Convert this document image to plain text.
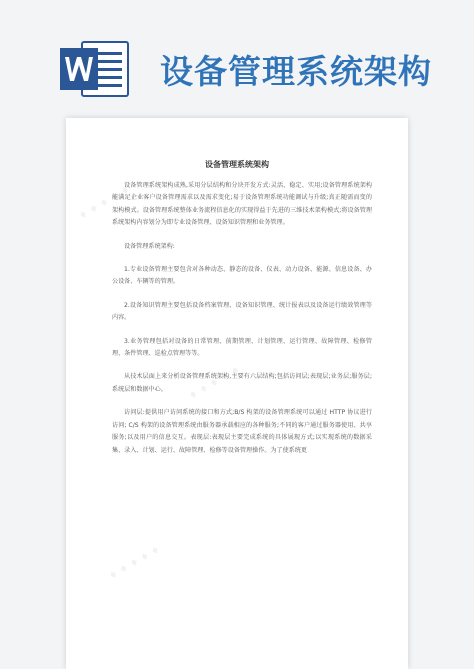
设备管理系统架构
♦ ♦ ♦ ♦ ♦
♦ ♦ ♦ ♦ ♦
♦ ♦ ♦ ♦ ♦
设备管理系统架构

设备管理系统架构成熟,采用分层结构和分块开发方式:灵活、稳定、实用;设备管理系统架构能满足企业客户设备管理需求以及需求变化;易于设备管理系统功能调试与升级;真正随需而变的架构模式。设备管理系统整体业务流程信息化的实现得益于先进的三维技术架构模式;将设备管理系统架构内容划分为即专业设备管理、设备知识管理和业务管理。

设备管理系统架构:

1.专业设备管理主要包含对各种动态、静态的设备、仪表、动力设备、能源、信息设备、办公设备、车辆等的管理。

2.设备知识管理主要包括设备档案管理、设备知识管理、统计报表以及设备运行绩效管理等内容。

3.业务管理包括对设备的日常管理、前期管理、计划管理、运行管理、故障管理、检修管理、条件管理、巡检点管理等等。

从技术层面上来分析设备管理系统架构,主要有六层结构;包括访问层;表现层;业务层;服务层;系统层和数据中心。

访问层:提供用户访问系统的接口和方式;B/S 构架的设备管理系统可以通过 HTTP 协议进行访问; C/S 构架的设备管理系统由服务器承载相应的各种服务;不同的客户通过服务器使用、共享服务;以及用户的信息交互。表现层:表现层主要完成系统的具体展现方式;以实现系统的数据采集、录入、计划、运行、故障管理、检修等设备管理操作。为了使系统更
